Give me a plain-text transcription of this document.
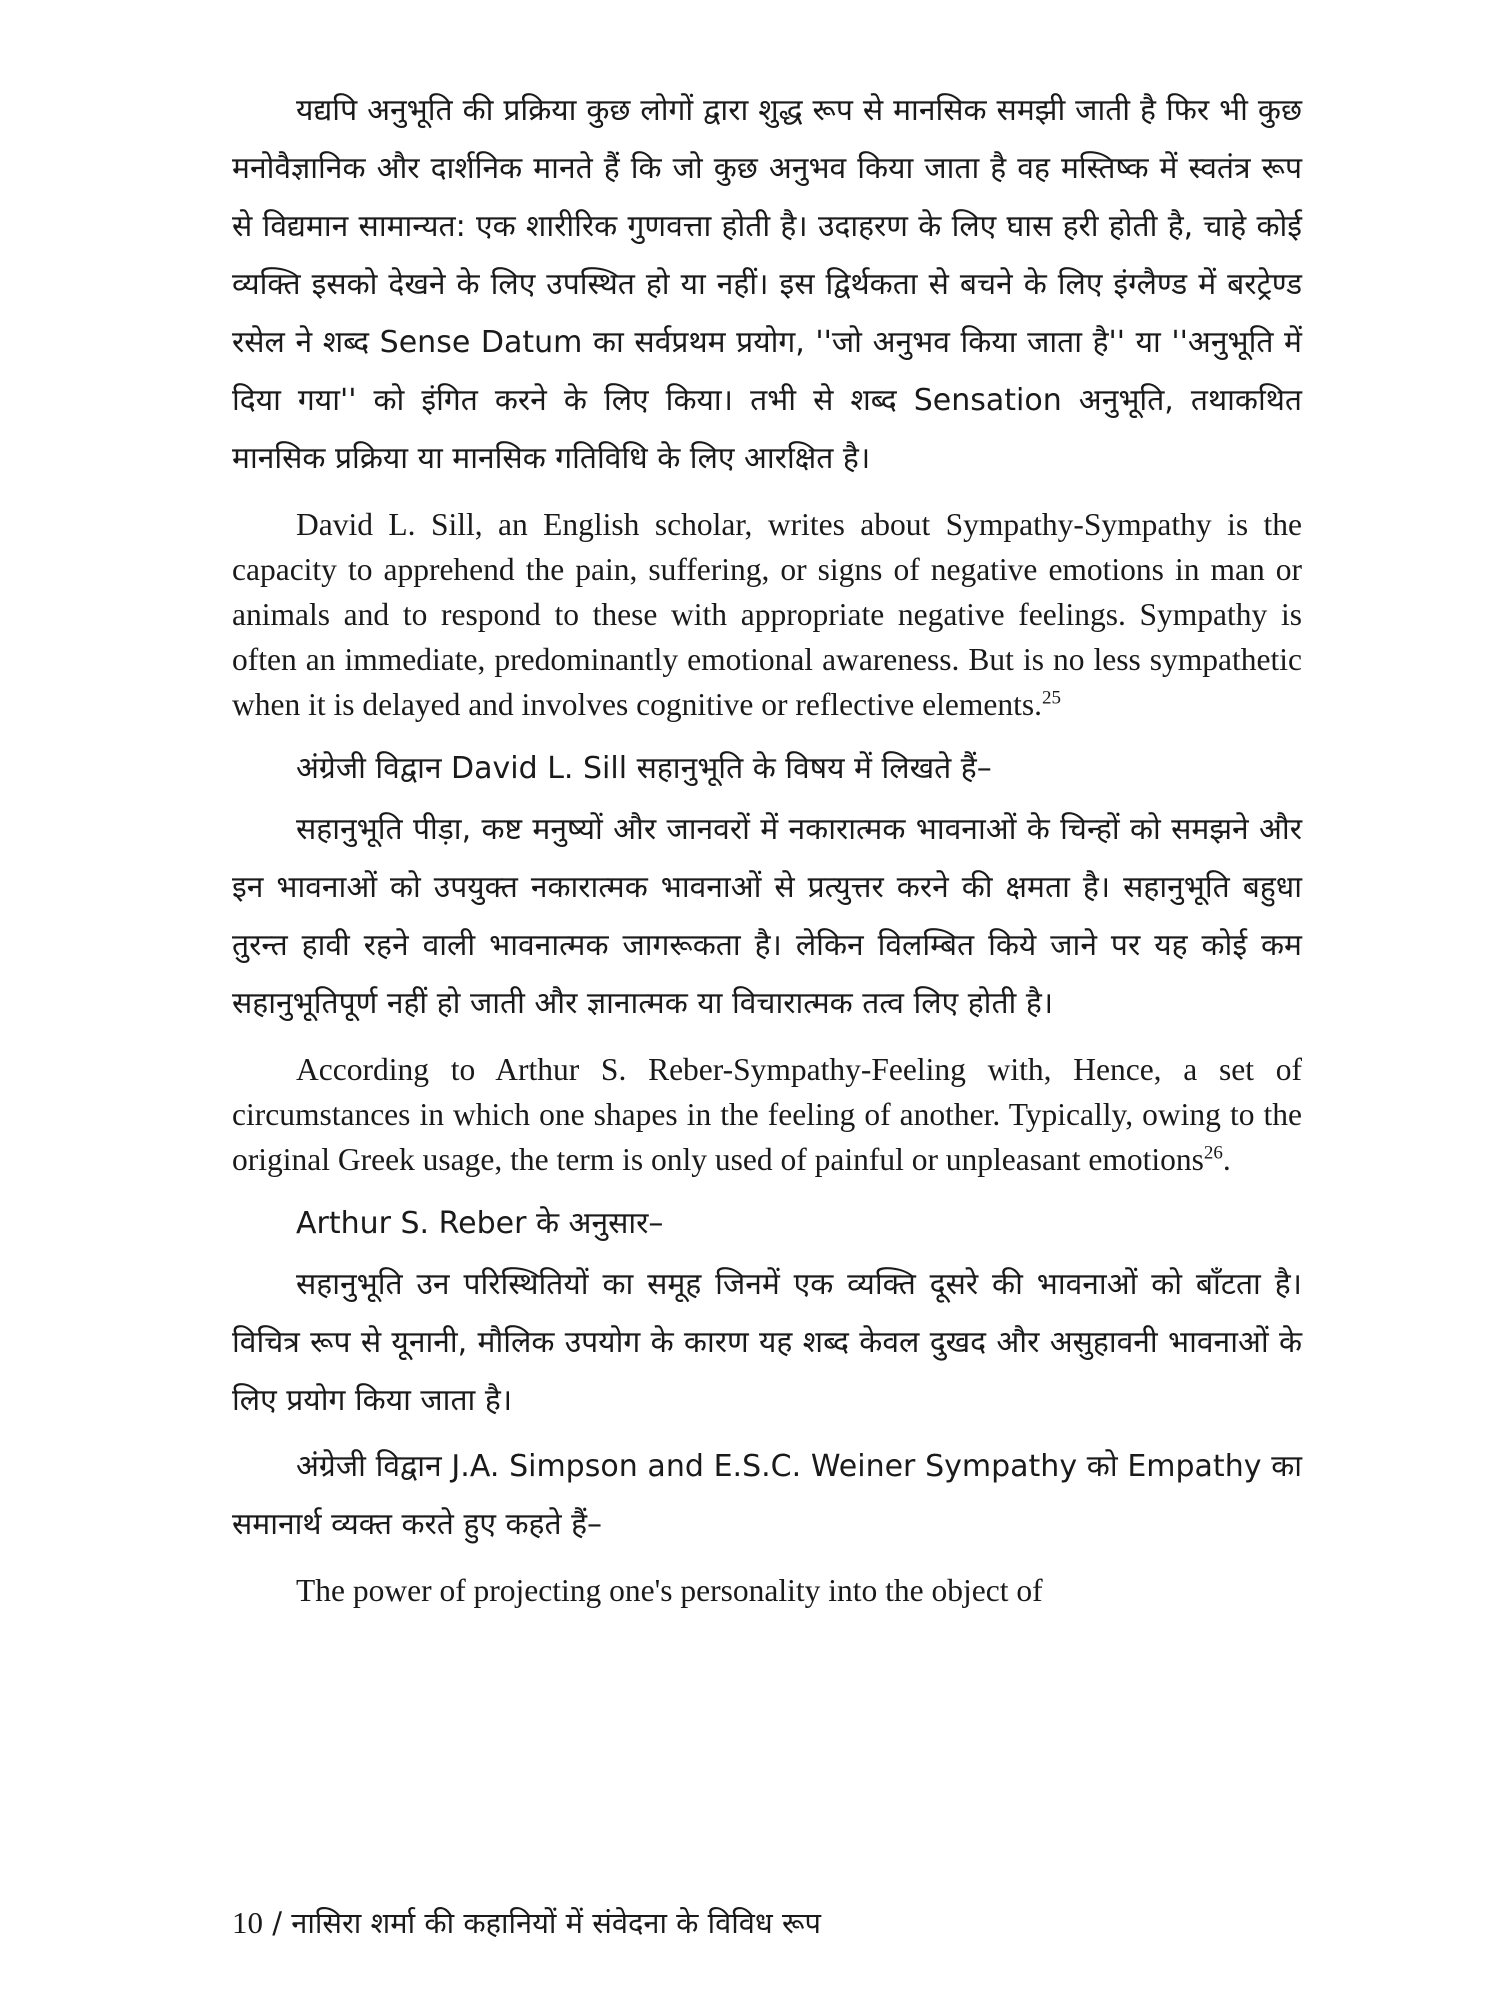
यद्यपि अनुभूति की प्रक्रिया कुछ लोगों द्वारा शुद्ध रूप से मानसिक समझी जाती है फिर भी कुछ मनोवैज्ञानिक और दार्शनिक मानते हैं कि जो कुछ अनुभव किया जाता है वह मस्तिष्क में स्वतंत्र रूप से विद्यमान सामान्यत: एक शारीरिक गुणवत्ता होती है। उदाहरण के लिए घास हरी होती है, चाहे कोई व्यक्ति इसको देखने के लिए उपस्थित हो या नहीं। इस द्विर्थकता से बचने के लिए इंग्लैण्ड में बरट्रेण्ड रसेल ने शब्द Sense Datum का सर्वप्रथम प्रयोग, ''जो अनुभव किया जाता है'' या ''अनुभूति में दिया गया'' को इंगित करने के लिए किया। तभी से शब्द Sensation अनुभूति, तथाकथित मानसिक प्रक्रिया या मानसिक गतिविधि के लिए आरक्षित है।

David L. Sill, an English scholar, writes about Sympathy-Sympathy is the capacity to apprehend the pain, suffering, or signs of negative emotions in man or animals and to respond to these with appropriate negative feelings. Sympathy is often an immediate, predominantly emotional awareness. But is no less sympathetic when it is delayed and involves cognitive or reflective elements.$^{25}$

अंग्रेजी विद्वान David L. Sill सहानुभूति के विषय में लिखते हैं–

सहानुभूति पीड़ा, कष्ट मनुष्यों और जानवरों में नकारात्मक भावनाओं के चिन्हों को समझने और इन भावनाओं को उपयुक्त नकारात्मक भावनाओं से प्रत्युत्तर करने की क्षमता है। सहानुभूति बहुधा तुरन्त हावी रहने वाली भावनात्मक जागरूकता है। लेकिन विलम्बित किये जाने पर यह कोई कम सहानुभूतिपूर्ण नहीं हो जाती और ज्ञानात्मक या विचारात्मक तत्व लिए होती है।

According to Arthur S. Reber-Sympathy-Feeling with, Hence, a set of circumstances in which one shapes in the feeling of another. Typically, owing to the original Greek usage, the term is only used of painful or unpleasant emotions$^{26}$.

Arthur S. Reber के अनुसार–

सहानुभूति उन परिस्थितियों का समूह जिनमें एक व्यक्ति दूसरे की भावनाओं को बाँटता है। विचित्र रूप से यूनानी, मौलिक उपयोग के कारण यह शब्द केवल दुखद और असुहावनी भावनाओं के लिए प्रयोग किया जाता है।

अंग्रेजी विद्वान J.A. Simpson and E.S.C. Weiner Sympathy को Empathy का समानार्थ व्यक्त करते हुए कहते हैं–

The power of projecting one's personality into the object of

10 / नासिरा शर्मा की कहानियों में संवेदना के विविध रूप
